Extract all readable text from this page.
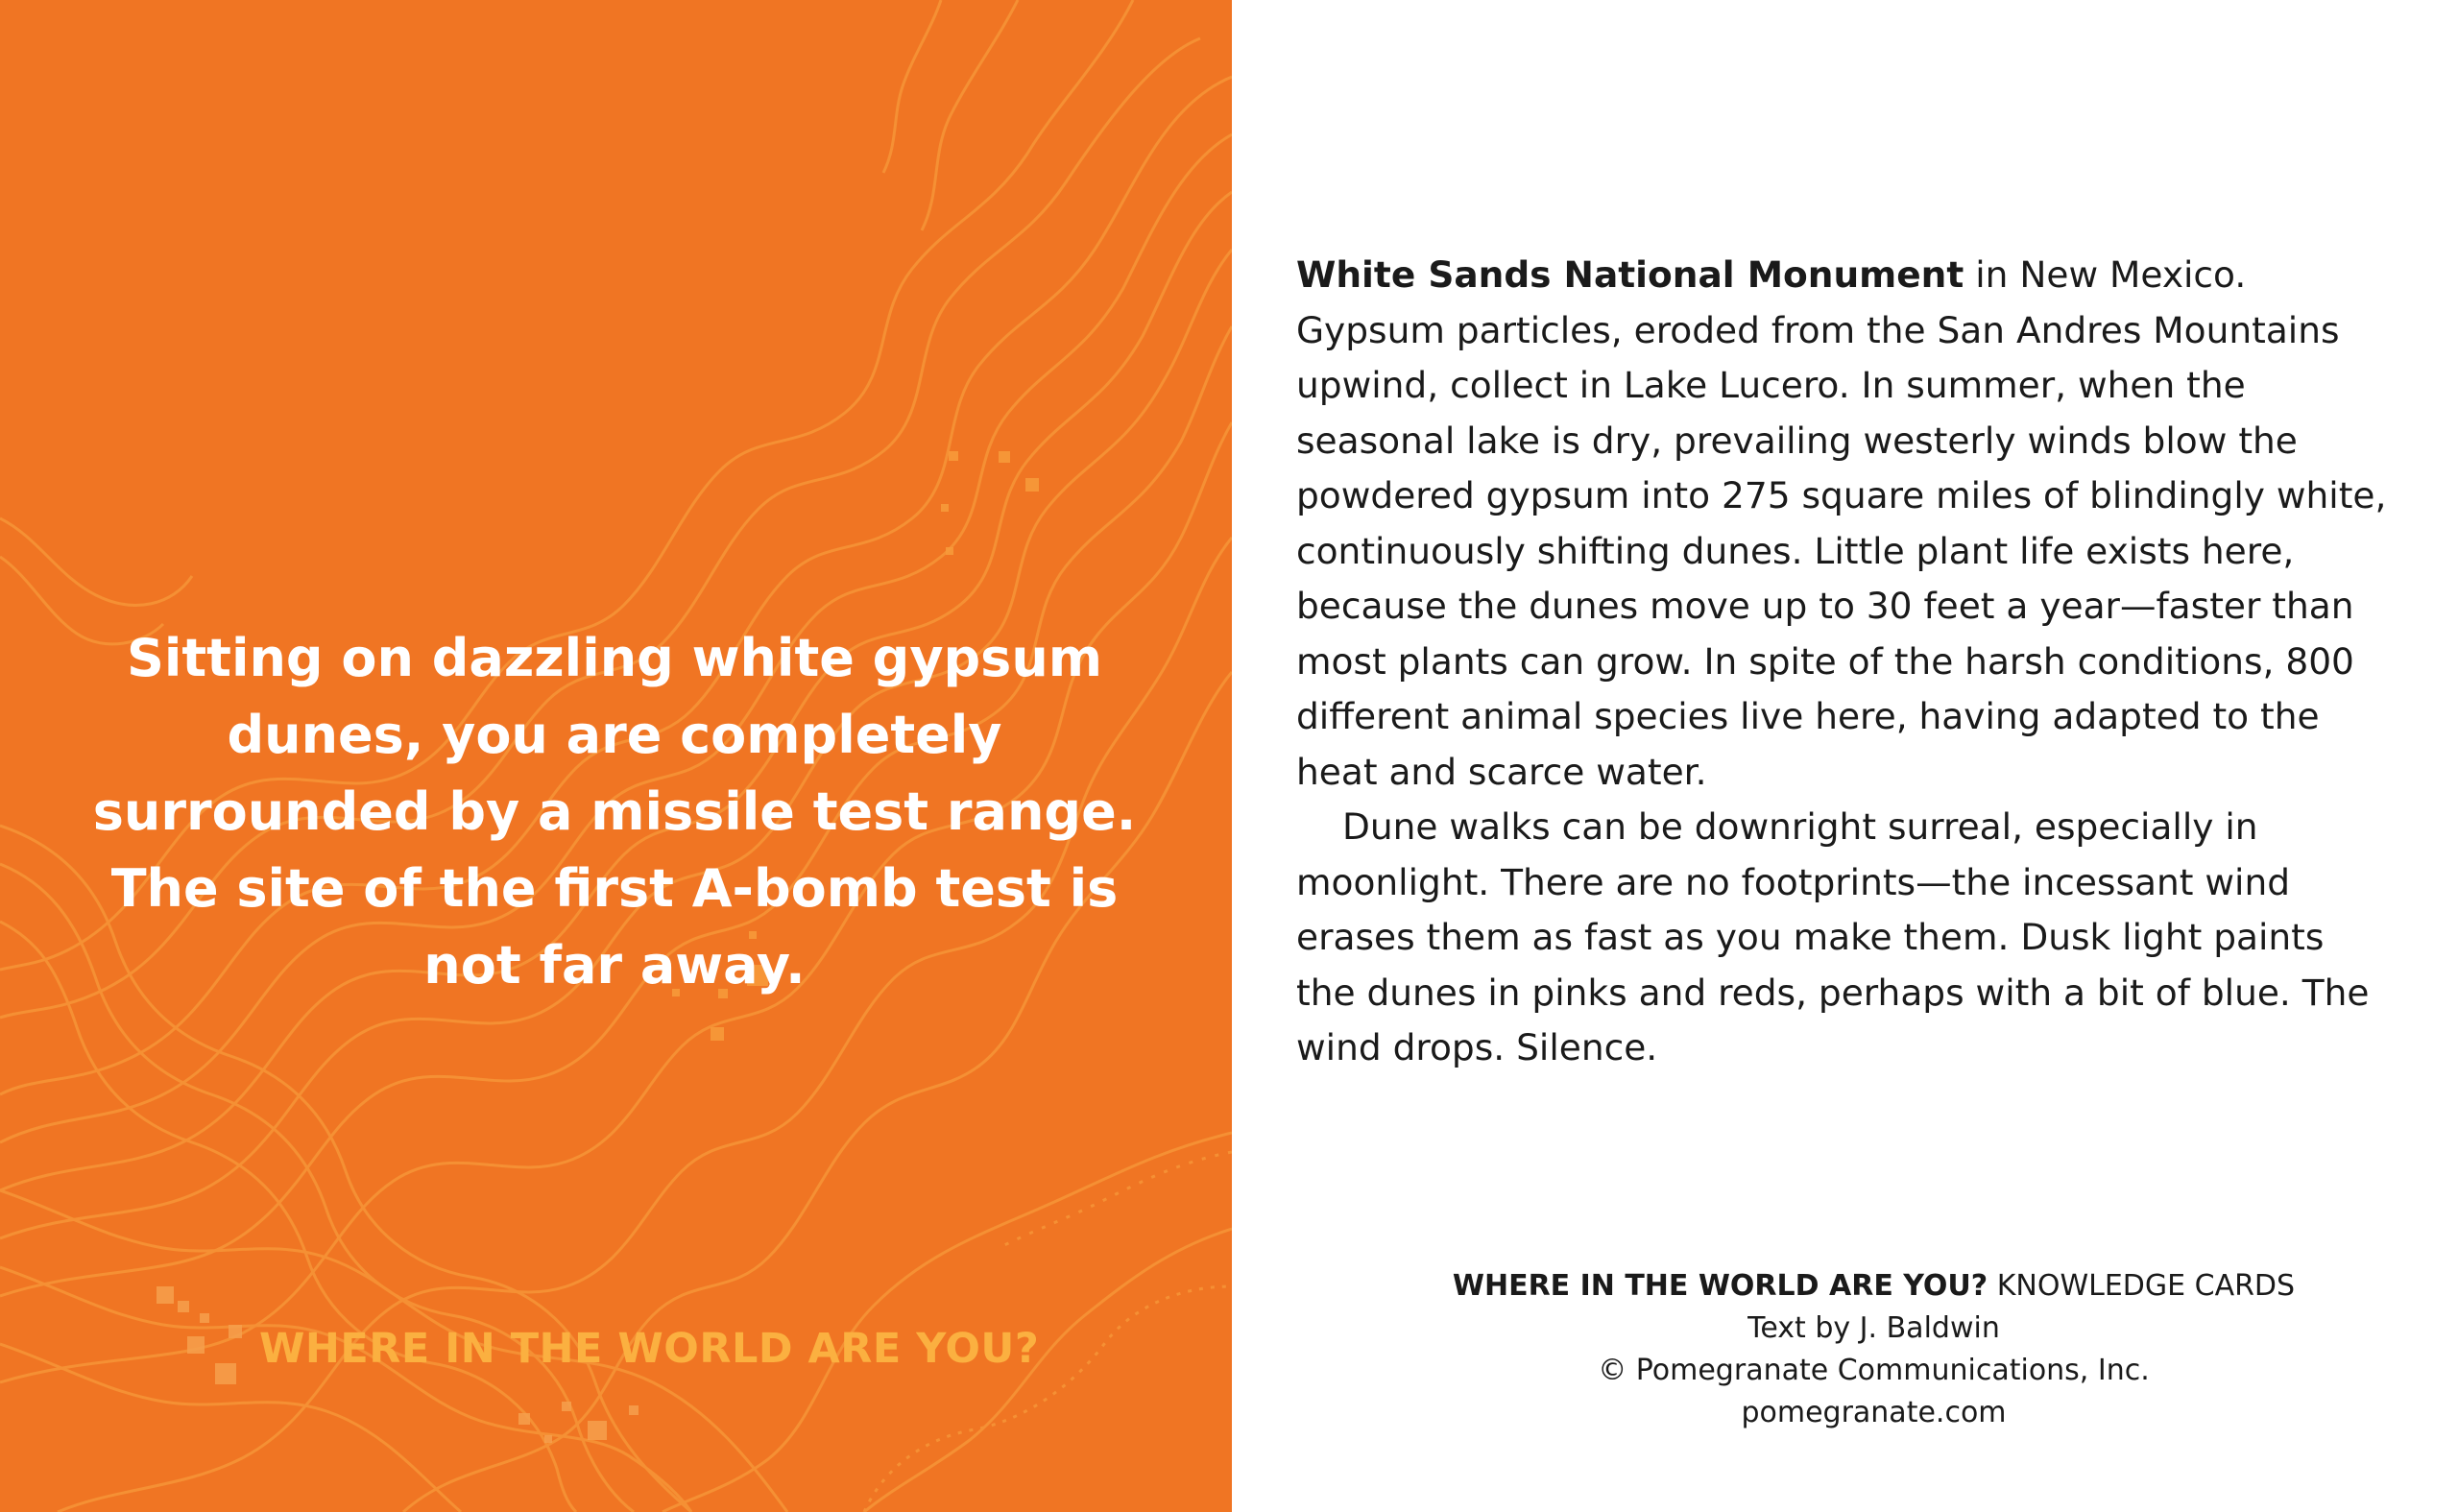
Sitting on dazzling white gypsum dunes, you are completely surrounded by a missile test range. The site of the first A-bomb test is not far away.

WHERE IN THE WORLD ARE YOU?

White Sands National Monument in New Mexico. Gypsum particles, eroded from the San Andres Mountains upwind, collect in Lake Lucero. In summer, when the seasonal lake is dry, prevailing westerly winds blow the powdered gypsum into 275 square miles of blindingly white, continuously shifting dunes. Little plant life exists here, because the dunes move up to 30 feet a year—faster than most plants can grow. In spite of the harsh conditions, 800 different animal species live here, having adapted to the heat and scarce water.

Dune walks can be downright surreal, especially in moonlight. There are no footprints—the incessant wind erases them as fast as you make them. Dusk light paints the dunes in pinks and reds, perhaps with a bit of blue. The wind drops. Silence.

WHERE IN THE WORLD ARE YOU? KNOWLEDGE CARDS
Text by J. Baldwin
© Pomegranate Communications, Inc.
pomegranate.com
